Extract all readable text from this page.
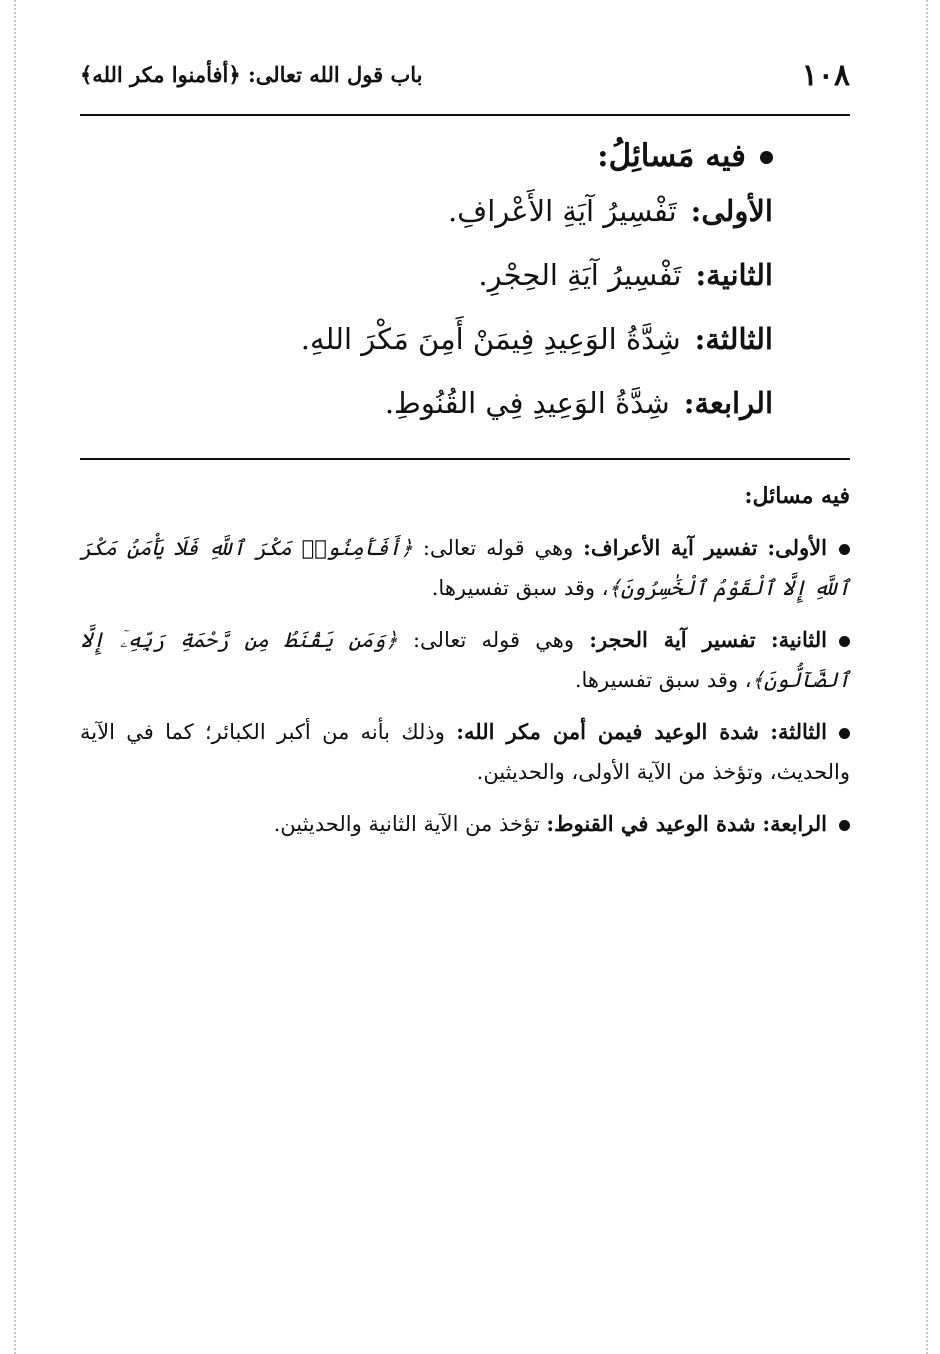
١٠٨
باب قول الله تعالى: ﴿أفأمنوا مكر الله﴾

فيه مَسائِلُ:

الأولى:تَفْسِيرُ آيَةِ الأَعْرافِ.

الثانية:تَفْسِيرُ آيَةِ الحِجْرِ.

الثالثة:شِدَّةُ الوَعِيدِ فِيمَنْ أَمِنَ مَكْرَ اللهِ.

الرابعة:شِدَّةُ الوَعِيدِ فِي القُنُوطِ.

فيه مسائل:

الأولى: تفسير آية الأعراف: وهي قوله تعالى: ﴿أَفَأَمِنُوا۟ مَكْرَ ٱللَّهِ فَلَا يَأْمَنُ مَكْرَ ٱللَّهِ إِلَّا ٱلْقَوْمُ ٱلْخَٰسِرُونَ﴾، وقد سبق تفسيرها.

الثانية: تفسير آية الحجر: وهي قوله تعالى: ﴿وَمَن يَقْنَطُ مِن رَّحْمَةِ رَبِّهِۦٓ إِلَّا ٱلضَّآلُّونَ﴾، وقد سبق تفسيرها.

الثالثة: شدة الوعيد فيمن أمن مكر الله: وذلك بأنه من أكبر الكبائر؛ كما في الآية والحديث، وتؤخذ من الآية الأولى، والحديثين.

الرابعة: شدة الوعيد في القنوط: تؤخذ من الآية الثانية والحديثين.
